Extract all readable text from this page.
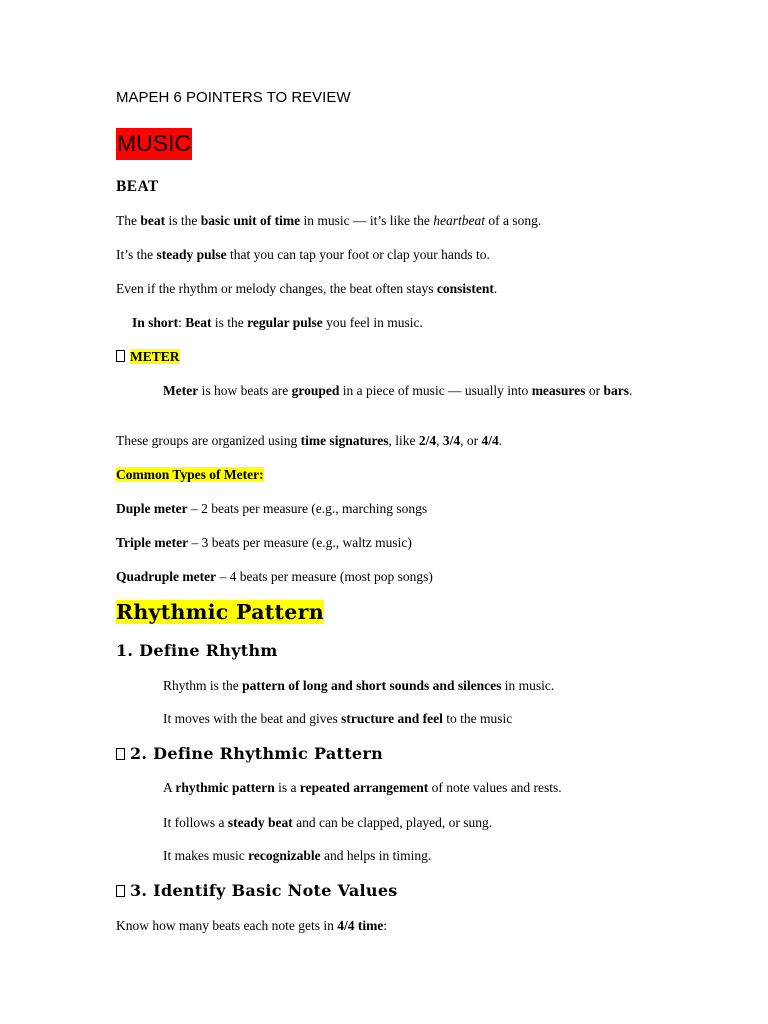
MAPEH 6 POINTERS TO REVIEW
MUSIC
BEAT
The beat is the basic unit of time in music — it’s like the heartbeat of a song.
It’s the steady pulse that you can tap your foot or clap your hands to.
Even if the rhythm or melody changes, the beat often stays consistent.
In short: Beat is the regular pulse you feel in music.
METER
Meter is how beats are grouped in a piece of music — usually into measures or bars.
These groups are organized using time signatures, like 2/4, 3/4, or 4/4.
Common Types of Meter:
Duple meter – 2 beats per measure (e.g., marching songs
Triple meter – 3 beats per measure (e.g., waltz music)
Quadruple meter – 4 beats per measure (most pop songs)
Rhythmic Pattern
1. Define Rhythm
Rhythm is the pattern of long and short sounds and silences in music.
It moves with the beat and gives structure and feel to the music
2. Define Rhythmic Pattern
A rhythmic pattern is a repeated arrangement of note values and rests.
It follows a steady beat and can be clapped, played, or sung.
It makes music recognizable and helps in timing.
3. Identify Basic Note Values
Know how many beats each note gets in 4/4 time:
